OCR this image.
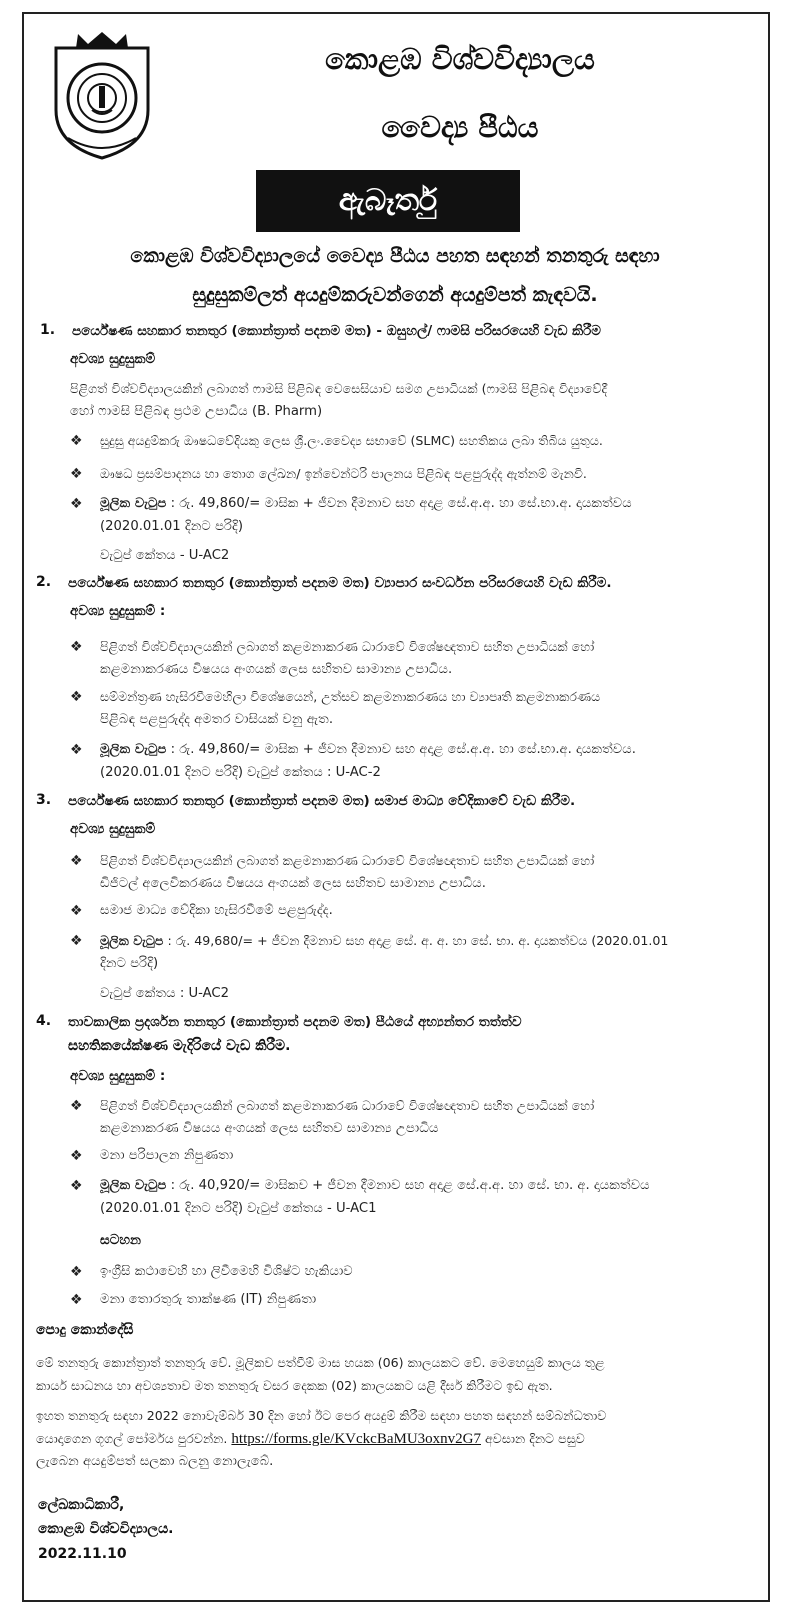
කොළඹ විශ්වවිද්‍යාලය
වෛද්‍ය පීඨය
ඇබෑර්තු
කොළඹ විශ්වවිද්‍යාලයේ වෛද්‍ය පීඨය පහත සඳහන් තනතුරු සඳහා
සුදුසුකම්ලත් අයදුම්කරුවන්ගෙන් අයදුම්පත් කැඳවයි.
1. පර්යේෂණ සහකාර තනතුර (කොන්ත්‍රාත් පදනම මත) - ඔසුහල්/ ෆාමසි පරිසරයෙහි වැඩ කිරීම
අවශ්‍ය සුදුසුකම්
පිළිගත් විශ්වවිද්‍යාලයකින් ලබාගත් ෆාමසි පිළිබඳ වෙසෙසියාව සමග උපාධියක් (ෆාමසි පිළිබඳ විද්‍යාවේදී
හෝ ෆාමසි පිළිබඳ ප්‍රථම උපාධිය (B. Pharm)
❖ සුදුසු අයදුම්කරු ඖෂධවේදියකු ලෙස ශ්‍රී.ලං.වෛද්‍ය සභාවේ (SLMC) සහතිකය ලබා තිබිය යුතුය.
❖ ඖෂධ ප්‍රසම්පාදනය හා තොග ලේඛන/ ඉන්වෙන්ටරි පාලනය පිළිබඳ පළපුරුද්ද ඇත්නම් මැනවි.
❖ මූලික වැටුප : රු. 49,860/= මාසික + ජීවන දීමනාව සහ අදාළ සේ.අ.අ. හා සේ.භා.අ. දායකත්වය
(2020.01.01 දිනට පරිදි)
වැටුප් කේතය - U-AC2
2. පර්යේෂණ සහකාර තනතුර (කොන්ත්‍රාත් පදනම මත) ව්‍යාපාර සංවර්ධන පරිසරයෙහි වැඩ කිරීම.
අවශ්‍ය සුදුසුකම් :
❖ පිළිගත් විශ්වවිද්‍යාලයකින් ලබාගත් කළමනාකරණ ධාරාවේ විශේෂඥතාව සහිත උපාධියක් හෝ
කළමනාකරණය විෂයය අංගයක් ලෙස සහිතව සාමාන්‍ය උපාධිය.
❖ සම්මන්ත්‍රණ හැසිරවීමෙහිලා විශේෂයෙන්, උත්සව කළමනාකරණය හා ව්‍යාපෘති කළමනාකරණය
පිළිබඳ පළපුරුද්ද අමතර වාසියක් වනු ඇත.
❖ මූලික වැටුප : රු. 49,860/= මාසික + ජීවන දීමනාව සහ අදාළ සේ.අ.අ. හා සේ.භා.අ. දායකත්වය.
(2020.01.01 දිනට පරිදි) වැටුප් කේතය : U-AC-2
3. පර්යේෂණ සහකාර තනතුර (කොන්ත්‍රාත් පදනම මත) සමාජ මාධ්‍ය වේදිකාවේ වැඩ කිරීම.
අවශ්‍ය සුදුසුකම්
❖ පිළිගත් විශ්වවිද්‍යාලයකින් ලබාගත් කළමනාකරණ ධාරාවේ විශේෂඥතාව සහිත උපාධියක් හෝ
ඩිජිටල් අලෙවිකරණය විෂයය අංගයක් ලෙස සහිතව සාමාන්‍ය උපාධිය.
❖ සමාජ මාධ්‍ය වේදිකා හැසිරවීමේ පළපුරුද්ද.
❖ මූලික වැටුප : රු. 49,680/= + ජීවන දීමනාව සහ අදාළ සේ. අ. අ. හා සේ. භා. අ. දායකත්වය (2020.01.01
දිනට පරිදි)
වැටුප් කේතය : U-AC2
4. තාවකාලික ප්‍රදර්ශන තනතුර (කොන්ත්‍රාත් පදනම මත) පීඨයේ අභ්‍යන්තර තත්ත්ව
සහතිකයේක්ෂණ මැදිරියේ වැඩ කිරීම.
අවශ්‍ය සුදුසුකම් :
❖ පිළිගත් විශ්වවිද්‍යාලයකින් ලබාගත් කළමනාකරණ ධාරාවේ විශේෂඥතාව සහිත උපාධියක් හෝ
කළමනාකරණ විෂයය අංගයක් ලෙස සහිතව සාමාන්‍ය උපාධිය
❖ මනා පරිපාලන නිපුණතා
❖ මූලික වැටුප : රු. 40,920/= මාසිකව + ජීවන දීමනාව සහ අදාළ සේ.අ.අ. හා සේ. භා. අ. දායකත්වය
(2020.01.01 දිනට පරිදි) වැටුප් කේතය - U-AC1
සටහන
❖ ඉංග්‍රීසි කථාවෙහි හා ලිවීමෙහි විශිෂ්ට හැකියාව
❖ මනා තොරතුරු තාක්ෂණ (IT) නිපුණතා
පොදු කොන්දේසි
මේ තනතුරු කොන්ත්‍රාත් තනතුරු වේ. මූලිකව පත්වීම් මාස හයක (06) කාලයකට වේ. මෙහෙයුම් කාලය තුළ
කාර්ය සාධනය හා අවශ්‍යතාව මත තනතුරු වසර දෙකක (02) කාලයකට යළි දීර්ඝ කිරීමට ඉඩ ඇත.
ඉහත තනතුරු සඳහා 2022 නොවැම්බර් 30 දින හෝ ඊට පෙර අයදුම් කිරීම සඳහා පහත සඳහන් සම්බන්ධතාව
යොදාගෙන ගූගල් පෝර්මය පුරවන්න. https://forms.gle/KVckcBaMU3oxnv2G7 අවසාන දිනට පසුව
ලැබෙන අයදුම්පත් සලකා බලනු නොලැබේ.
ලේඛකාධිකාරී,
කොළඹ විශ්වවිද්‍යාලය.
2022.11.10
